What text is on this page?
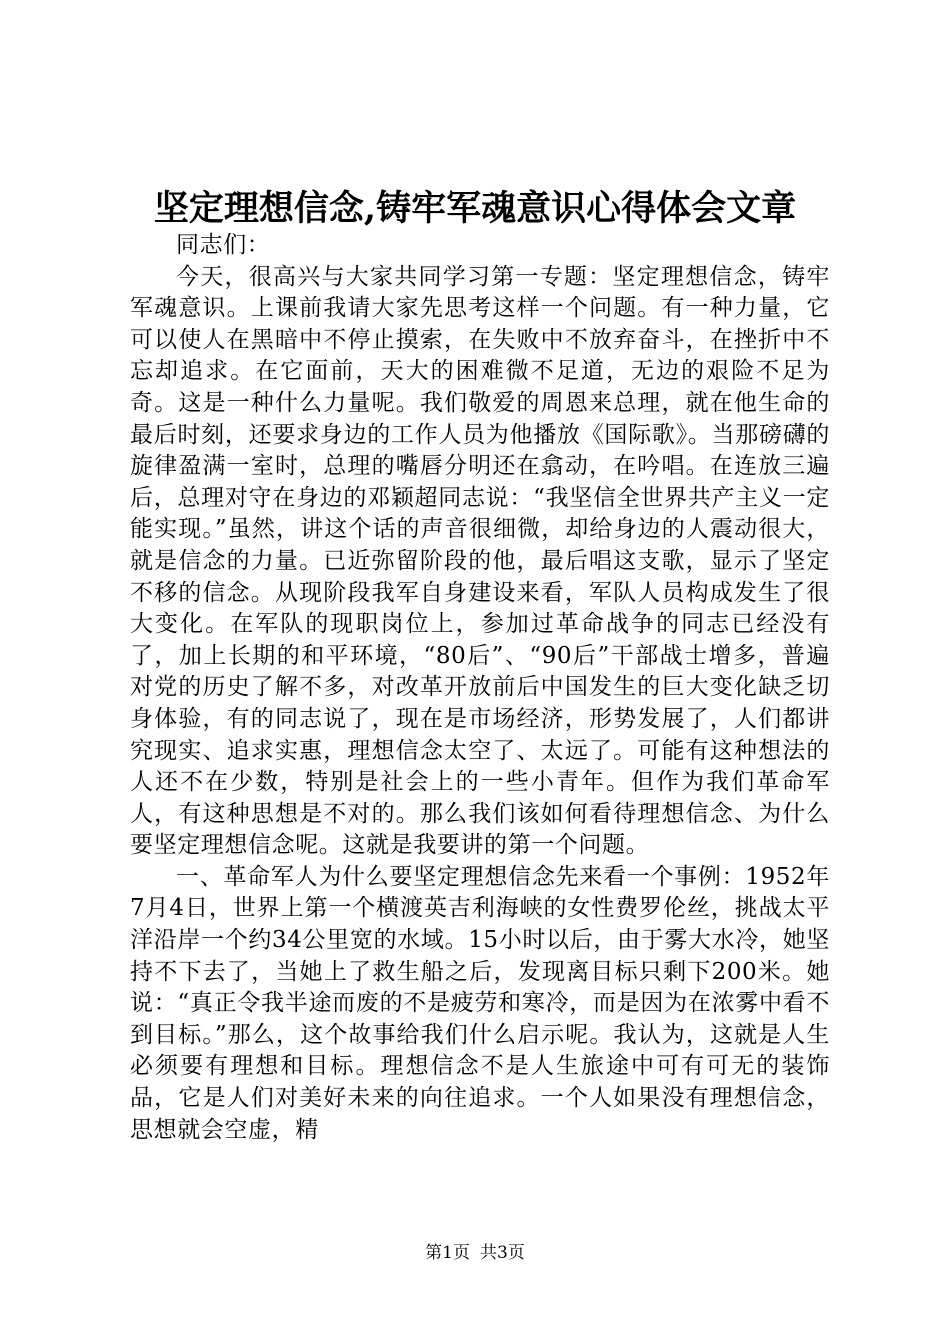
坚定理想信念,铸牢军魂意识心得体会文章

同志们：

今天，很高兴与大家共同学习第一专题：坚定理想信念，铸牢军魂意识。上课前我请大家先思考这样一个问题。有一种力量，它可以使人在黑暗中不停止摸索，在失败中不放弃奋斗，在挫折中不忘却追求。在它面前，天大的困难微不足道，无边的艰险不足为奇。这是一种什么力量呢。我们敬爱的周恩来总理，就在他生命的最后时刻，还要求身边的工作人员为他播放《国际歌》。当那磅礴的旋律盈满一室时，总理的嘴唇分明还在翕动，在吟唱。在连放三遍后，总理对守在身边的邓颖超同志说：“我坚信全世界共产主义一定能实现。”虽然，讲这个话的声音很细微，却给身边的人震动很大，就是信念的力量。已近弥留阶段的他，最后唱这支歌，显示了坚定不移的信念。从现阶段我军自身建设来看，军队人员构成发生了很大变化。在军队的现职岗位上，参加过革命战争的同志已经没有了，加上长期的和平环境，“80后”、“90后”干部战士增多，普遍对党的历史了解不多，对改革开放前后中国发生的巨大变化缺乏切身体验，有的同志说了，现在是市场经济，形势发展了，人们都讲究现实、追求实惠，理想信念太空了、太远了。可能有这种想法的人还不在少数，特别是社会上的一些小青年。但作为我们革命军人，有这种思想是不对的。那么我们该如何看待理想信念、为什么要坚定理想信念呢。这就是我要讲的第一个问题。

一、革命军人为什么要坚定理想信念先来看一个事例：1952年7月4日，世界上第一个横渡英吉利海峡的女性费罗伦丝，挑战太平洋沿岸一个约34公里宽的水域。15小时以后，由于雾大水冷，她坚持不下去了，当她上了救生船之后，发现离目标只剩下200米。她说：“真正令我半途而废的不是疲劳和寒冷，而是因为在浓雾中看不到目标。”那么，这个故事给我们什么启示呢。我认为，这就是人生必须要有理想和目标。理想信念不是人生旅途中可有可无的装饰品，它是人们对美好未来的向往追求。一个人如果没有理想信念，思想就会空虚，精

第1页 共3页
